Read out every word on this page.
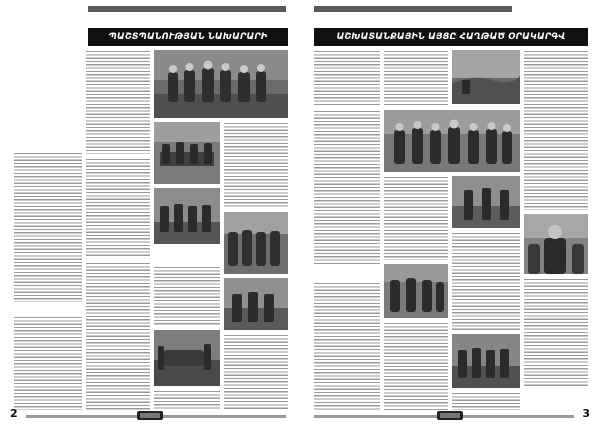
ՊԱՇՏՊԱՆՈՒԹՅԱՆ ՆԱԽԱՐԱՐԻ
2
ԱՇԽԱՏԱՆՔԱՅԻՆ ԱՅՑԸ ՀԱՂԹԱԾ ՕՐԱԿԱՐԳՎ
3
